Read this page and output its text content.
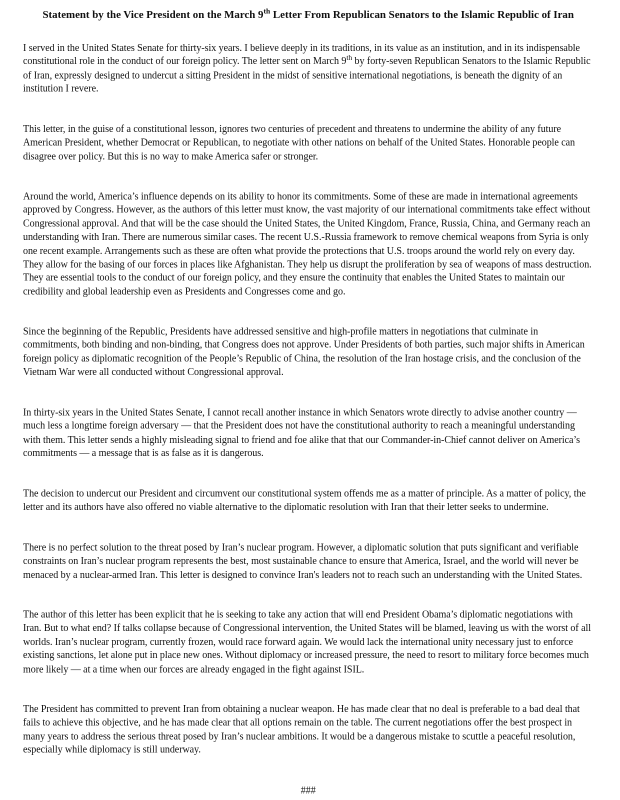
Statement by the Vice President on the March 9th Letter From Republican Senators to the Islamic Republic of Iran

I served in the United States Senate for thirty-six years. I believe deeply in its traditions, in its value as an institution, and in its indispensable constitutional role in the conduct of our foreign policy. The letter sent on March 9th by forty-seven Republican Senators to the Islamic Republic of Iran, expressly designed to undercut a sitting President in the midst of sensitive international negotiations, is beneath the dignity of an institution I revere.

This letter, in the guise of a constitutional lesson, ignores two centuries of precedent and threatens to undermine the ability of any future American President, whether Democrat or Republican, to negotiate with other nations on behalf of the United States. Honorable people can disagree over policy. But this is no way to make America safer or stronger.

Around the world, America’s influence depends on its ability to honor its commitments. Some of these are made in international agreements approved by Congress. However, as the authors of this letter must know, the vast majority of our international commitments take effect without Congressional approval. And that will be the case should the United States, the United Kingdom, France, Russia, China, and Germany reach an understanding with Iran. There are numerous similar cases. The recent U.S.-Russia framework to remove chemical weapons from Syria is only one recent example. Arrangements such as these are often what provide the protections that U.S. troops around the world rely on every day. They allow for the basing of our forces in places like Afghanistan. They help us disrupt the proliferation by sea of weapons of mass destruction. They are essential tools to the conduct of our foreign policy, and they ensure the continuity that enables the United States to maintain our credibility and global leadership even as Presidents and Congresses come and go.

Since the beginning of the Republic, Presidents have addressed sensitive and high-profile matters in negotiations that culminate in commitments, both binding and non-binding, that Congress does not approve. Under Presidents of both parties, such major shifts in American foreign policy as diplomatic recognition of the People’s Republic of China, the resolution of the Iran hostage crisis, and the conclusion of the Vietnam War were all conducted without Congressional approval.

In thirty-six years in the United States Senate, I cannot recall another instance in which Senators wrote directly to advise another country — much less a longtime foreign adversary — that the President does not have the constitutional authority to reach a meaningful understanding with them. This letter sends a highly misleading signal to friend and foe alike that that our Commander-in-Chief cannot deliver on America’s commitments — a message that is as false as it is dangerous.

The decision to undercut our President and circumvent our constitutional system offends me as a matter of principle. As a matter of policy, the letter and its authors have also offered no viable alternative to the diplomatic resolution with Iran that their letter seeks to undermine.

There is no perfect solution to the threat posed by Iran’s nuclear program. However, a diplomatic solution that puts significant and verifiable constraints on Iran’s nuclear program represents the best, most sustainable chance to ensure that America, Israel, and the world will never be menaced by a nuclear-armed Iran. This letter is designed to convince Iran's leaders not to reach such an understanding with the United States.

The author of this letter has been explicit that he is seeking to take any action that will end President Obama’s diplomatic negotiations with Iran. But to what end? If talks collapse because of Congressional intervention, the United States will be blamed, leaving us with the worst of all worlds. Iran’s nuclear program, currently frozen, would race forward again. We would lack the international unity necessary just to enforce existing sanctions, let alone put in place new ones. Without diplomacy or increased pressure, the need to resort to military force becomes much more likely — at a time when our forces are already engaged in the fight against ISIL.

The President has committed to prevent Iran from obtaining a nuclear weapon. He has made clear that no deal is preferable to a bad deal that fails to achieve this objective, and he has made clear that all options remain on the table. The current negotiations offer the best prospect in many years to address the serious threat posed by Iran’s nuclear ambitions. It would be a dangerous mistake to scuttle a peaceful resolution, especially while diplomacy is still underway.

###
